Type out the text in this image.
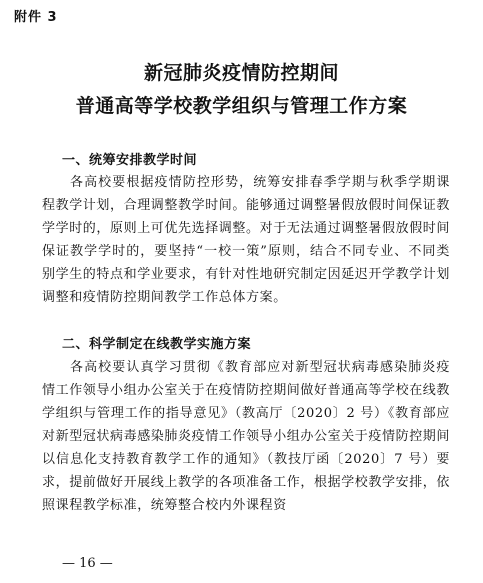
附件 3
新冠肺炎疫情防控期间
普通高等学校教学组织与管理工作方案
一、统筹安排教学时间

各高校要根据疫情防控形势，统筹安排春季学期与秋季学期课程教学计划，合理调整教学时间。能够通过调整暑假放假时间保证教学学时的，原则上可优先选择调整。对于无法通过调整暑假放假时间保证教学学时的，要坚持“一校一策”原则，结合不同专业、不同类别学生的特点和学业要求，有针对性地研究制定因延迟开学教学计划调整和疫情防控期间教学工作总体方案。

二、科学制定在线教学实施方案

各高校要认真学习贯彻《教育部应对新型冠状病毒感染肺炎疫情工作领导小组办公室关于在疫情防控期间做好普通高等学校在线教学组织与管理工作的指导意见》（教高厅〔2020〕2 号）《教育部应对新型冠状病毒感染肺炎疫情工作领导小组办公室关于疫情防控期间以信息化支持教育教学工作的通知》（教技厅函〔2020〕7 号）要求，提前做好开展线上教学的各项准备工作，根据学校教学安排，依照课程教学标准，统筹整合校内外课程资

— 16 —
